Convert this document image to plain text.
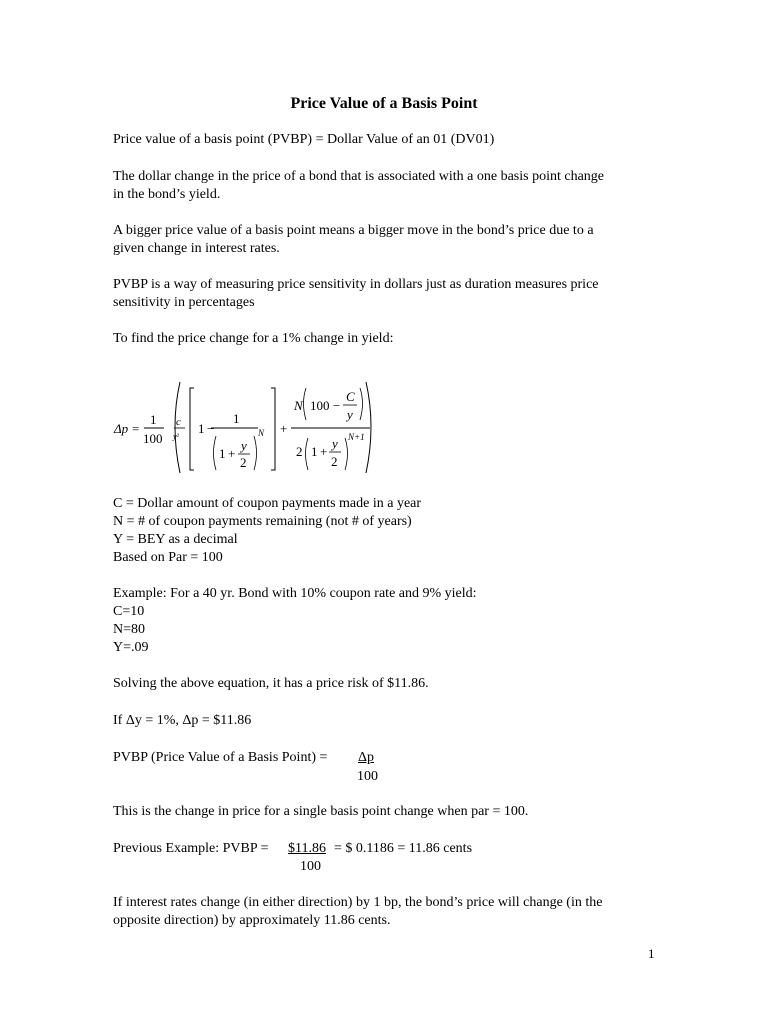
Price Value of a Basis Point
Price value of a basis point (PVBP) = Dollar Value of an 01 (DV01)
The dollar change in the price of a bond that is associated with a one basis point change
in the bond’s yield.
A bigger price value of a basis point means a bigger move in the bond’s price due to a
given change in interest rates.
PVBP is a way of measuring price sensitivity in dollars just as duration measures price
sensitivity in percentages
To find the price change for a 1% change in yield:
Δp =
1
100
c
y²
1 −
1
1 +
y
2
N +
N 100 −
C
y
2 1 +
y
2
N+1
C = Dollar amount of coupon payments made in a year
N = # of coupon payments remaining (not # of years)
Y = BEY as a decimal
Based on Par = 100
Example: For a 40 yr. Bond with 10% coupon rate and 9% yield:
C=10
N=80
Y=.09
Solving the above equation, it has a price risk of $11.86.
If Δy = 1%, Δp = $11.86
PVBP (Price Value of a Basis Point) = Δp
100
This is the change in price for a single basis point change when par = 100.
Previous Example: PVBP = $11.86 = $ 0.1186 = 11.86 cents
100
If interest rates change (in either direction) by 1 bp, the bond’s price will change (in the
opposite direction) by approximately 11.86 cents.
1
